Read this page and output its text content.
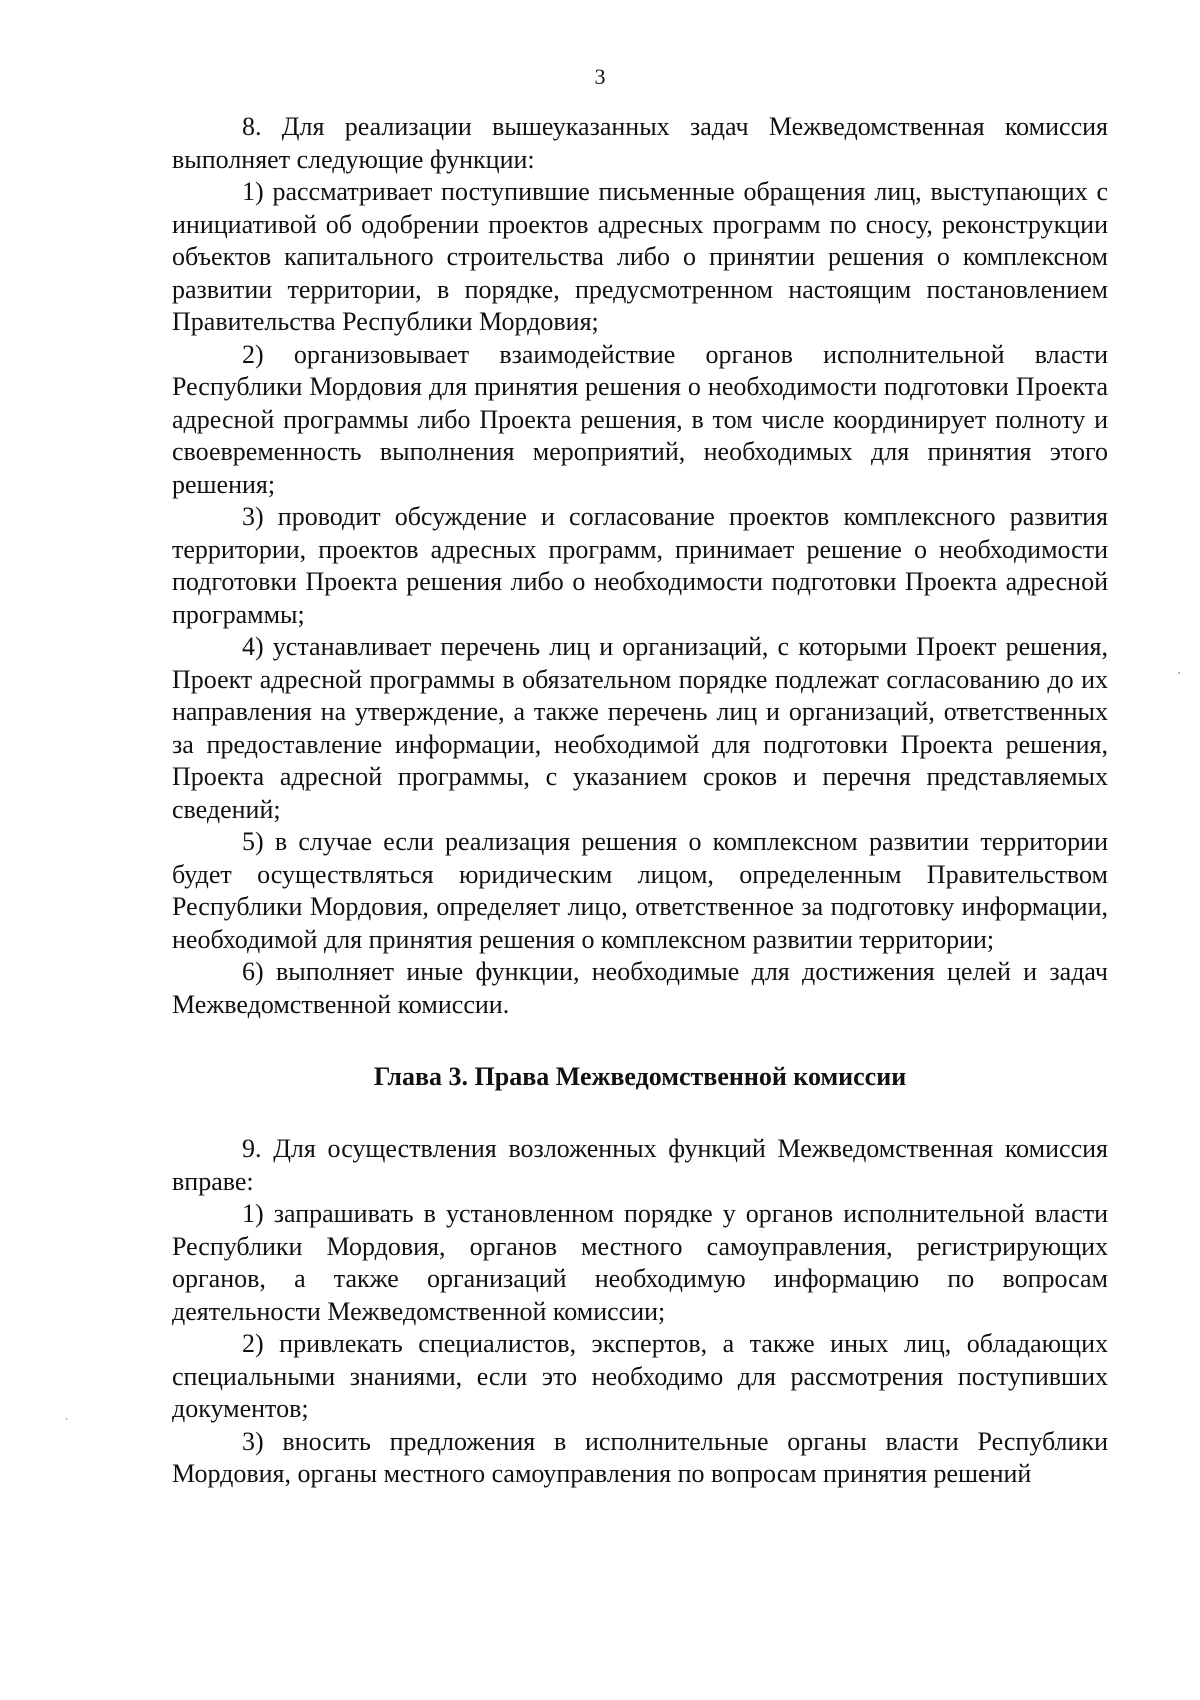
3

8. Для реализации вышеуказанных задач Межведомственная комиссия выполняет следующие функции:

1) рассматривает поступившие письменные обращения лиц, выступающих с инициативой об одобрении проектов адресных программ по сносу, реконструкции объектов капитального строительства либо о принятии решения о комплексном развитии территории, в порядке, предусмотренном настоящим постановлением Правительства Республики Мордовия;

2) организовывает взаимодействие органов исполнительной власти Республики Мордовия для принятия решения о необходимости подготовки Проекта адресной программы либо Проекта решения, в том числе координирует полноту и своевременность выполнения мероприятий, необходимых для принятия этого решения;

3) проводит обсуждение и согласование проектов комплексного развития территории, проектов адресных программ, принимает решение о необходимости подготовки Проекта решения либо о необходимости подготовки Проекта адресной программы;

4) устанавливает перечень лиц и организаций, с которыми Проект решения, Проект адресной программы в обязательном порядке подлежат согласованию до их направления на утверждение, а также перечень лиц и организаций, ответственных за предоставление информации, необходимой для подготовки Проекта решения, Проекта адресной программы, с указанием сроков и перечня представляемых сведений;

5) в случае если реализация решения о комплексном развитии территории будет осуществляться юридическим лицом, определенным Правительством Республики Мордовия, определяет лицо, ответственное за подготовку информации, необходимой для принятия решения о комплексном развитии территории;

6) выполняет иные функции, необходимые для достижения целей и задач Межведомственной комиссии.

Глава 3. Права Межведомственной комиссии

9. Для осуществления возложенных функций Межведомственная комиссия вправе:

1) запрашивать в установленном порядке у органов исполнительной власти Республики Мордовия, органов местного самоуправления, регистрирующих органов, а также организаций необходимую информацию по вопросам деятельности Межведомственной комиссии;

2) привлекать специалистов, экспертов, а также иных лиц, обладающих специальными знаниями, если это необходимо для рассмотрения поступивших документов;

3) вносить предложения в исполнительные органы власти Республики Мордовия, органы местного самоуправления по вопросам принятия решений
